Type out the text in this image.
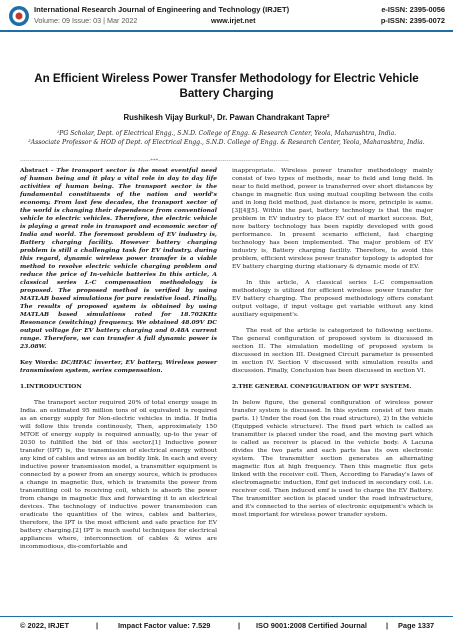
International Research Journal of Engineering and Technology (IRJET)
Volume: 09 Issue: 03 | Mar 2022	www.irjet.net
e-ISSN: 2395-0056
p-ISSN: 2395-0072
An Efficient Wireless Power Transfer Methodology for Electric Vehicle
Battery Charging
Rushikesh Vijay Burkul¹, Dr. Pawan Chandrakant Tapre²
¹PG Scholar, Dept. of Electrical Engg., S.N.D. College of Engg. & Research Center, Yeola, Maharashtra, India.
²Associate Professor & HOD of Dept. of Electrical Engg., S.N.D. College of Engg. & Research Center, Yeola, Maharashtra, India.
---------------------------------------------------------------------***---------------------------------------------------------------------

Abstract - The transport sector is the most eventful need of human being and it play a vital role in day to day life activities of human being. The transport sector is the fundamental constituents of the nation and world's economy. From last few decades, the transport sector of the world is changing their dependence from conventional vehicle to electric vehicles. Therefore, the electric vehicle is playing a great role in transport and economic sector of India and world. The foremost problem of EV industry is, Battery charging facility. However battery charging problem is still a challenging task for EV industry. during this regard, dynamic wireless power transfer is a viable method to resolve electric vehicle charging problem and reduce the price of In-vehicle batteries In this article, A classical series L-C compensation methodology is proposed. The proposed method is verified by using MATLAB based simulations for pure resistive load. Finally, The results of proposed system is obtained by using MATLAB based simulations rated for 18.702KHz Resonance (switching) frequency. We obtained 48.09V DC output voltage for EV battery charging and 0.48A current range. Therefore, we can transfer A full dynamic power is 23.08W.

Key Words: DC/HFAC inverter, EV battery, Wireless power transmission system, series compensation.

1.INTRODUCTION

The transport sector required 20% of total energy usage in India. an estimated 95 million tons of oil equivalent is required as an energy supply for Non-electric vehicles in india. If India will follow this trends continously, Then, approximately 150 MTOE of energy supply is required annually, up-to the year of 2030 to fulfilled the bid of this sector.[1] Inductive power transfer (IPT) is, the transmission of electrical energy without any kind of cables and wires as an bodily link. In each and every inductive power transmission model, a transmitter equipment is connected by a power from an energy source, which is produces a change in magnetic flux, which is transmits the power from transmitting coil to receiving coil, which is absorb the power from change in magnetic flux and forwarding it to an electrical devices. The technology of inductive power transmission can eradicate the quantities of the wires, cables and batteries, therefore, the IPT is the most efficient and safe practice for EV battery charging.[2] IPT is much useful techniques for electrical appliances where, interconnection of cables & wires are incommodious, dis-comfortable and

inappropriate. Wireless power transfer methodology mainly consist of two types of methods, near to field and long field. In near to field method, power is transferred over short distances by change in magnetic flux using mutual coupling between the coils and in long field method, just distance is more, principle is same.[3][4][5]. Within the past, battery technology is that the major problem in EV industry to place EV out of market success. But, now battery technology has been rapidly developed with good performance. In present scenario efficient, fast charging technology has been implemented. The major problem of EV industry is, Battery charging facility. Therefore, to avoid this problem, efficient wireless power transfer topology is adopted for EV battery charging during stationary & dynamic mode of EV.

In this article, A classical series L-C compensation methodology is utilized for efficient wireless power transfer for EV battery charging. The proposed methodology offers constant output voltage, if input voltage get variable without any kind auxiliary equipment's.

The rest of the article is categorized to following sections. The general configuration of proposed system is discussed in section II. The simulation modelling of proposed system is discussed in section III. Designed Circuit parameter is presented in section IV. Section V discussed with simulation results and discussion. Finally, Conclusion has been discussed in section VI.

2.THE GENERAL CONFIGURATION OF WPT SYSTEM.

In below figure, the general configuration of wireless power transfer system is discussed. In this system consist of two main parts. 1) Under the road (on the road structure), 2) In the vehicle (Equipped vehicle structure). The fixed part which is called as transmitter is placed under the road, and the moving part which is called as receiver is placed in the vehicle body. A Lacuna divides the two parts and each parts has its own electronic system. The transmitter section generates an alternating magnetic flux at high frequency. Then this magnetic flux gets linked with the receiver coil. Then, According to Faraday's laws of electromagnetic induction, Emf get induced in secondary coil. i.e. receiver coil. Then induced emf is used to charge the EV Battery. The transmitter section is placed under the road infrastructure, and it's connected to the series of electronic equipment's which is most important for wireless power transfer system.

© 2022, IRJET	|	Impact Factor value: 7.529	| ISO 9001:2008 Certified Journal	| Page 1337
